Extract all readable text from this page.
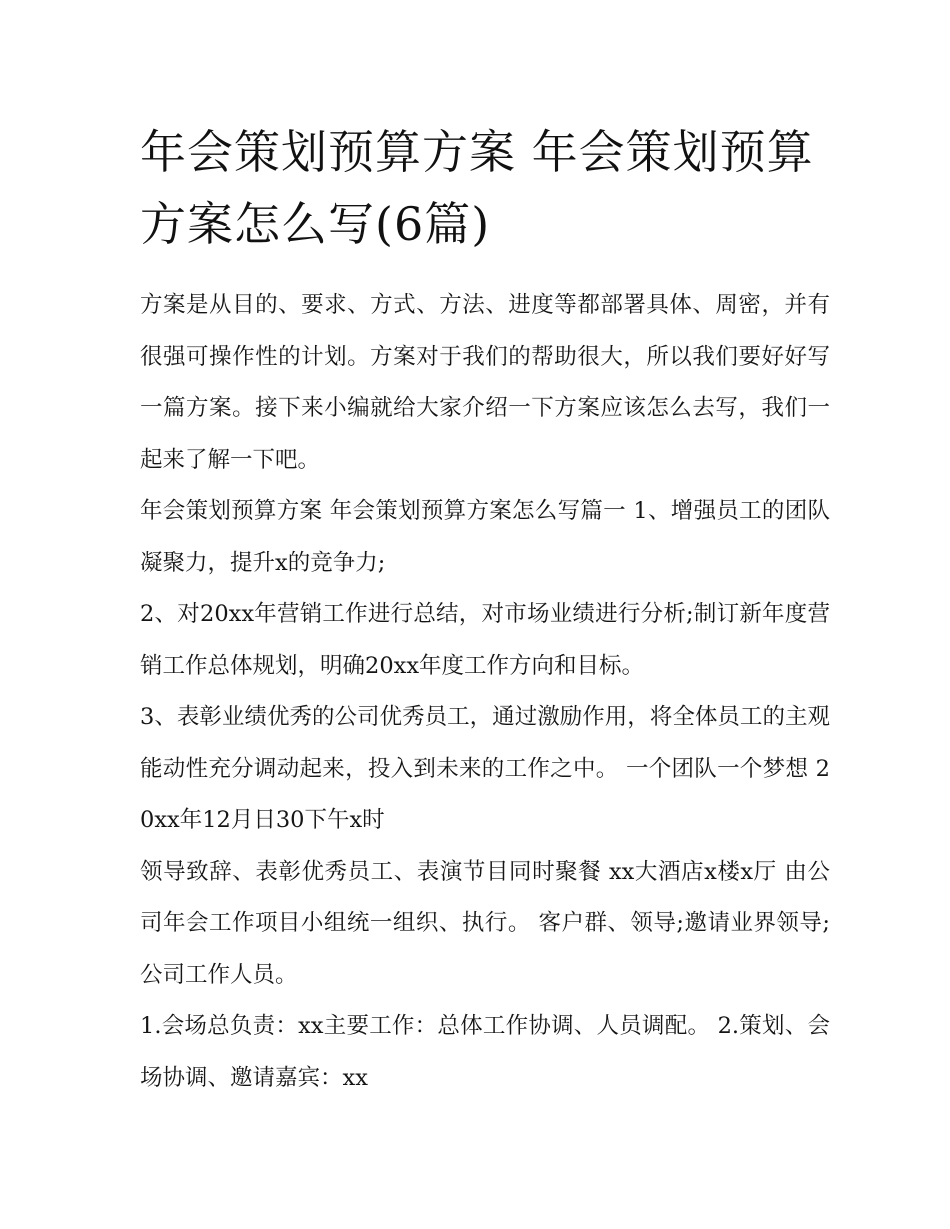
年会策划预算方案 年会策划预算方案怎么写(6篇)

方案是从目的、要求、方式、方法、进度等都部署具体、周密，并有很强可操作性的计划。方案对于我们的帮助很大，所以我们要好好写一篇方案。接下来小编就给大家介绍一下方案应该怎么去写，我们一起来了解一下吧。

年会策划预算方案 年会策划预算方案怎么写篇一 1、增强员工的团队凝聚力，提升x的竞争力;

2、对20xx年营销工作进行总结，对市场业绩进行分析;制订新年度营销工作总体规划，明确20xx年度工作方向和目标。

3、表彰业绩优秀的公司优秀员工，通过激励作用，将全体员工的主观能动性充分调动起来，投入到未来的工作之中。 一个团队一个梦想 20xx年12月日30下午x时

领导致辞、表彰优秀员工、表演节目同时聚餐 xx大酒店x楼x厅 由公司年会工作项目小组统一组织、执行。 客户群、领导;邀请业界领导;公司工作人员。

1.会场总负责：xx主要工作：总体工作协调、人员调配。 2.策划、会场协调、邀请嘉宾：xx
